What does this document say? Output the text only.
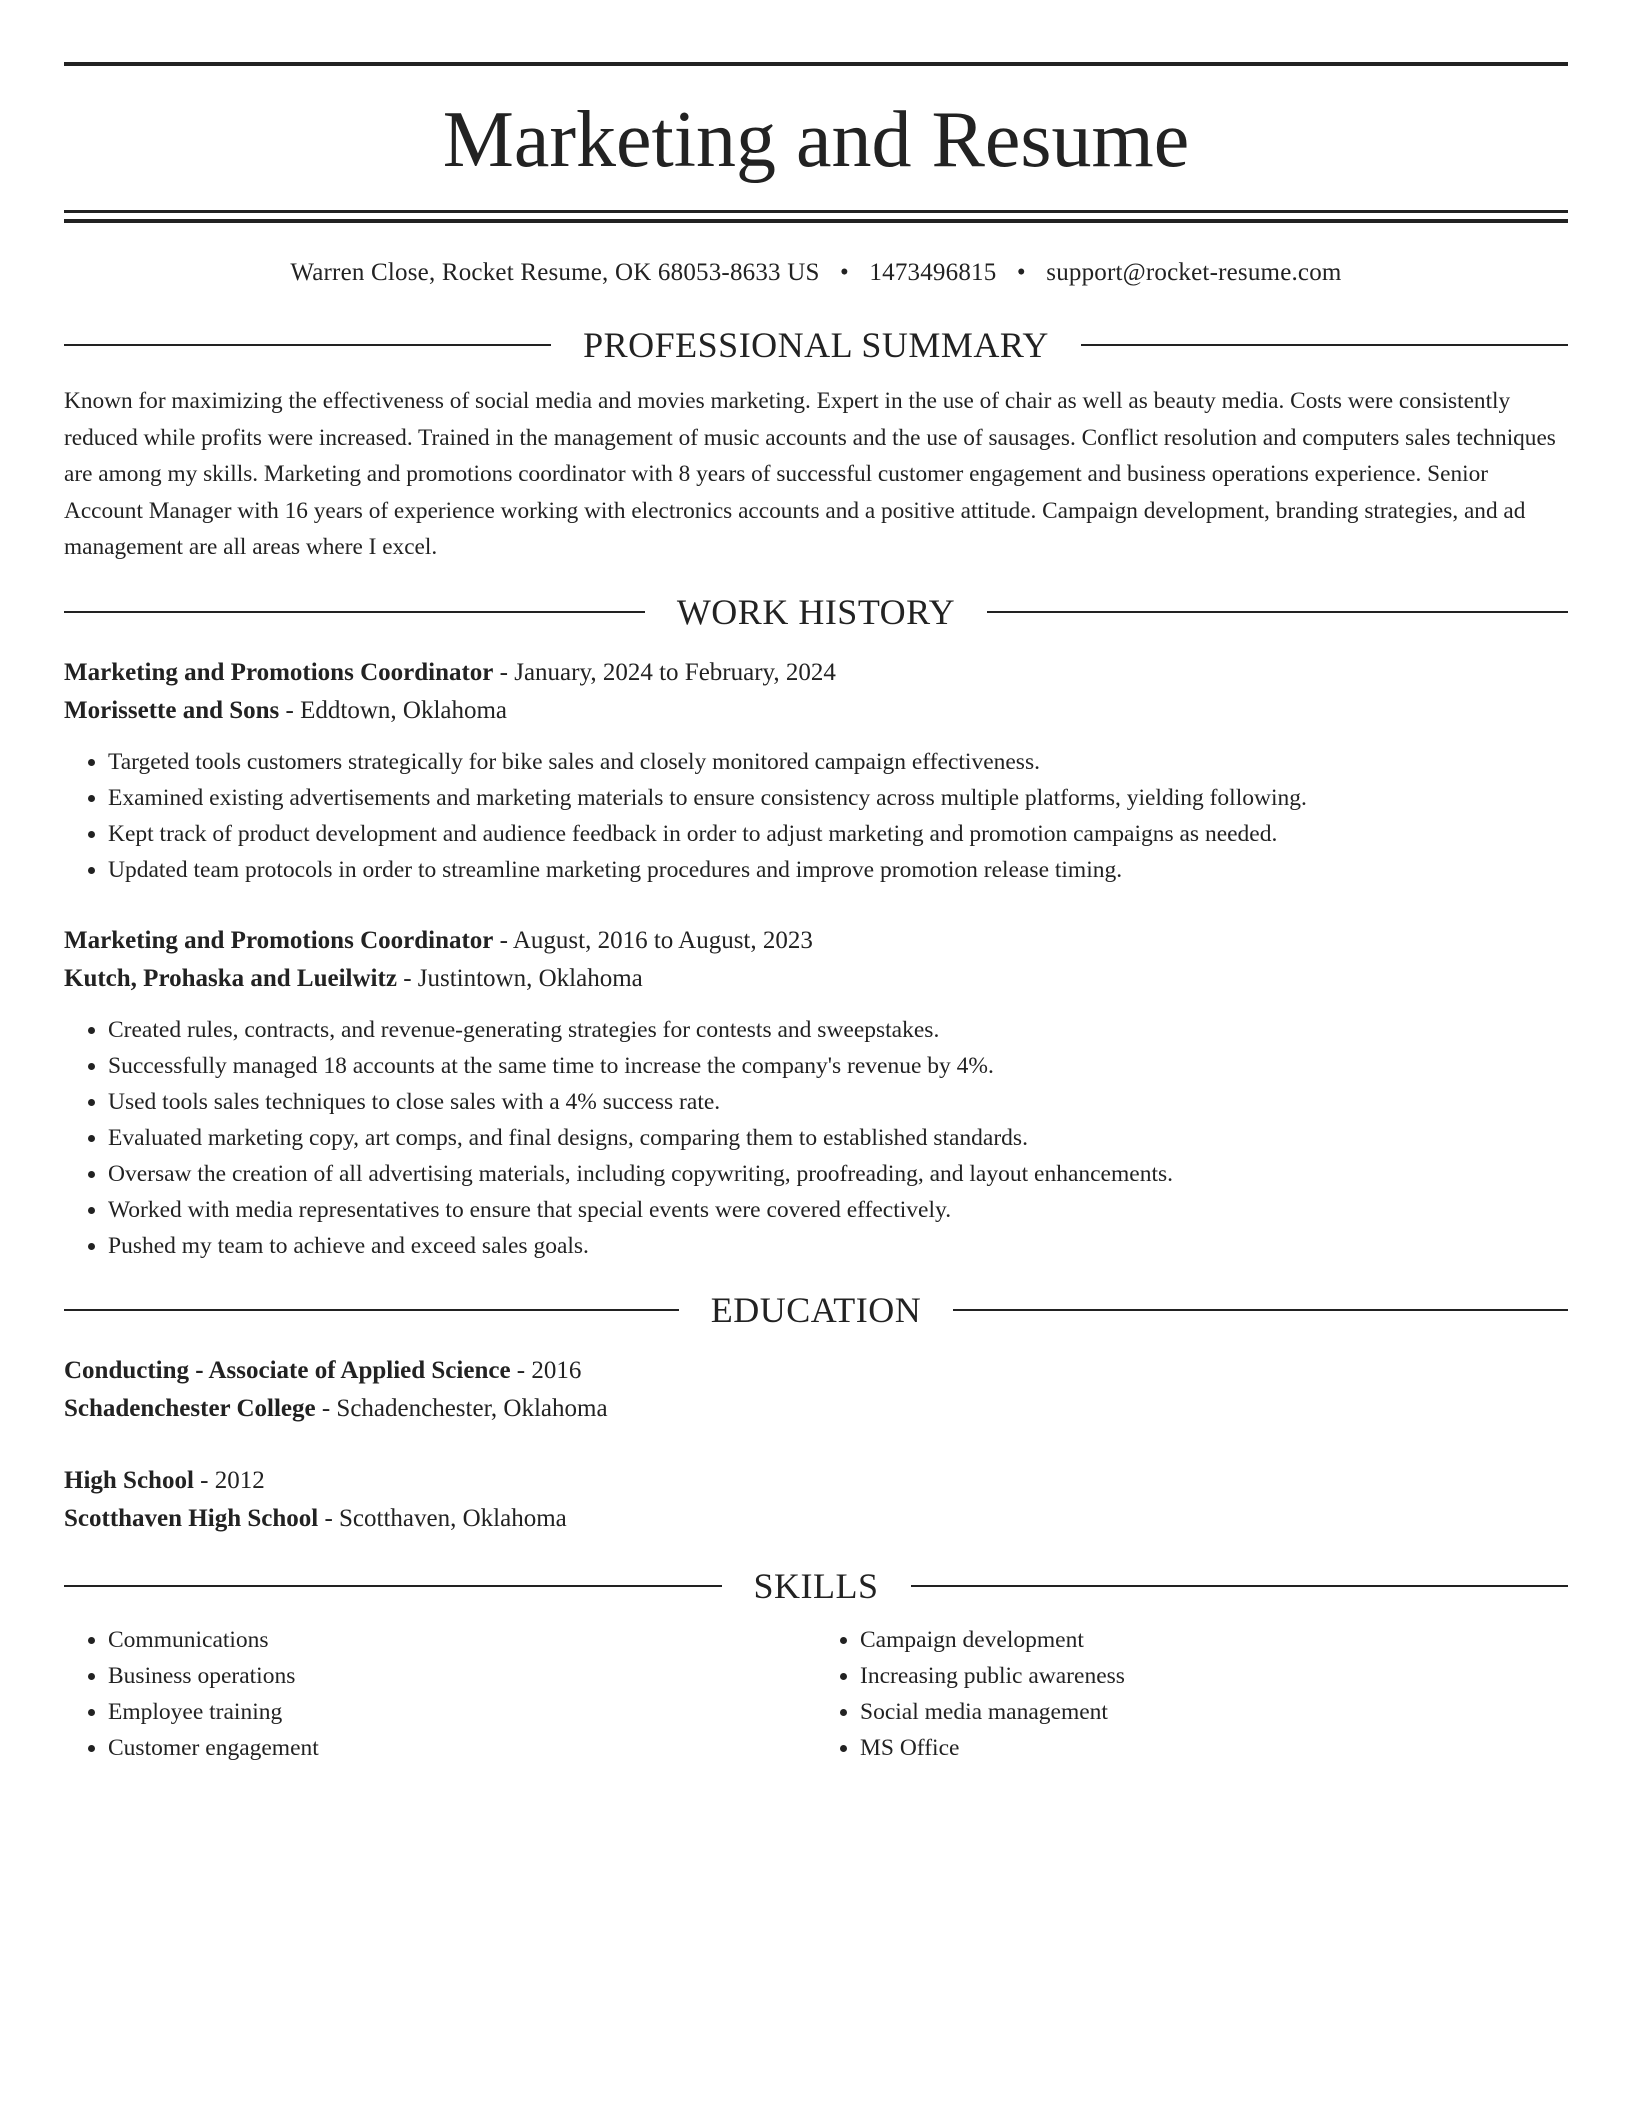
Marketing and Resume
Warren Close, Rocket Resume, OK 68053-8633 US • 1473496815 • support@rocket-resume.com
PROFESSIONAL SUMMARY
Known for maximizing the effectiveness of social media and movies marketing. Expert in the use of chair as well as beauty media. Costs were consistently reduced while profits were increased. Trained in the management of music accounts and the use of sausages. Conflict resolution and computers sales techniques are among my skills. Marketing and promotions coordinator with 8 years of successful customer engagement and business operations experience. Senior Account Manager with 16 years of experience working with electronics accounts and a positive attitude. Campaign development, branding strategies, and ad management are all areas where I excel.
WORK HISTORY
Marketing and Promotions Coordinator - January, 2024 to February, 2024
Morissette and Sons - Eddtown, Oklahoma
• Targeted tools customers strategically for bike sales and closely monitored campaign effectiveness.
• Examined existing advertisements and marketing materials to ensure consistency across multiple platforms, yielding following.
• Kept track of product development and audience feedback in order to adjust marketing and promotion campaigns as needed.
• Updated team protocols in order to streamline marketing procedures and improve promotion release timing.
Marketing and Promotions Coordinator - August, 2016 to August, 2023
Kutch, Prohaska and Lueilwitz - Justintown, Oklahoma
• Created rules, contracts, and revenue-generating strategies for contests and sweepstakes.
• Successfully managed 18 accounts at the same time to increase the company's revenue by 4%.
• Used tools sales techniques to close sales with a 4% success rate.
• Evaluated marketing copy, art comps, and final designs, comparing them to established standards.
• Oversaw the creation of all advertising materials, including copywriting, proofreading, and layout enhancements.
• Worked with media representatives to ensure that special events were covered effectively.
• Pushed my team to achieve and exceed sales goals.
EDUCATION
Conducting - Associate of Applied Science - 2016
Schadenchester College - Schadenchester, Oklahoma
High School - 2012
Scotthaven High School - Scotthaven, Oklahoma
SKILLS
• Communications
• Business operations
• Employee training
• Customer engagement
• Campaign development
• Increasing public awareness
• Social media management
• MS Office
